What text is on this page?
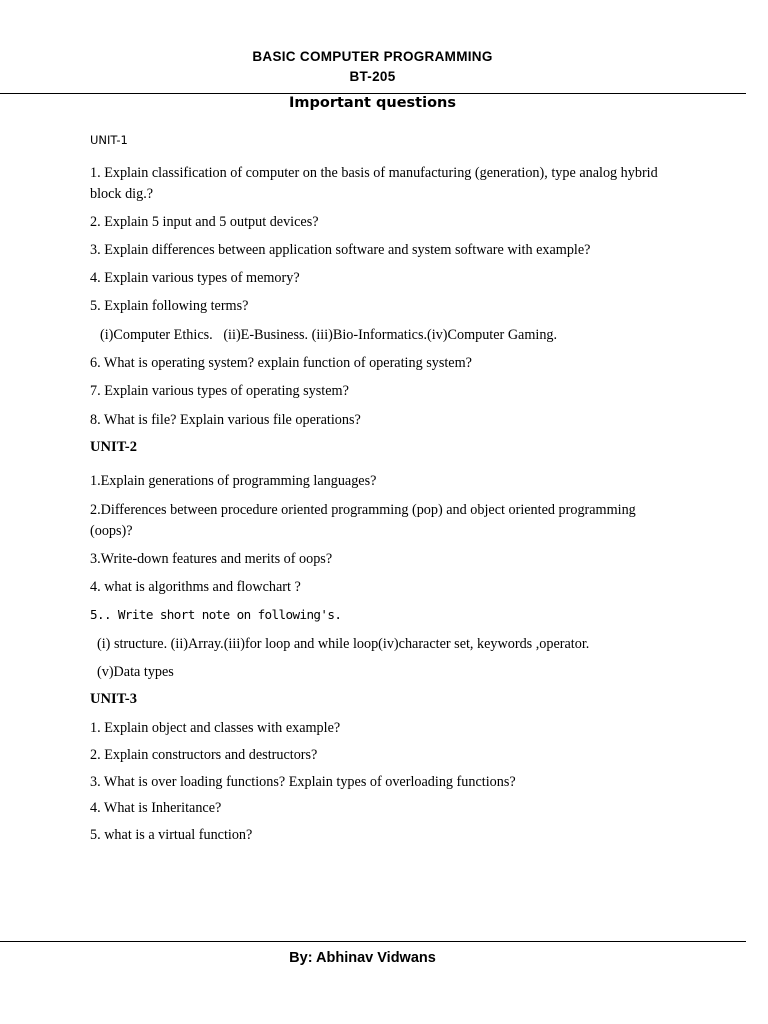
BASIC COMPUTER PROGRAMMING
BT-205
Important questions
UNIT-1
1. Explain classification of computer on the basis of manufacturing (generation), type analog hybrid block dig.?
2. Explain 5 input and 5 output devices?
3. Explain differences between application software and system software with example?
4. Explain various types of memory?
5. Explain following terms?
(i)Computer Ethics.   (ii)E-Business. (iii)Bio-Informatics.(iv)Computer Gaming.
6. What is operating system? explain function of operating system?
7. Explain various types of operating system?
8. What is file? Explain various file operations?
UNIT-2
1.Explain generations of programming languages?
2.Differences between procedure oriented programming (pop) and object oriented programming (oops)?
3.Write-down features and merits of oops?
4. what is algorithms and flowchart ?
5.. Write short note on following's.
(i) structure. (ii)Array.(iii)for loop and while loop(iv)character set, keywords ,operator.
(v)Data types
UNIT-3
1. Explain object and classes with example?
2. Explain constructors and destructors?
3. What is over loading functions? Explain types of overloading functions?
4. What is Inheritance?
5. what is a virtual function?
By: Abhinav Vidwans
